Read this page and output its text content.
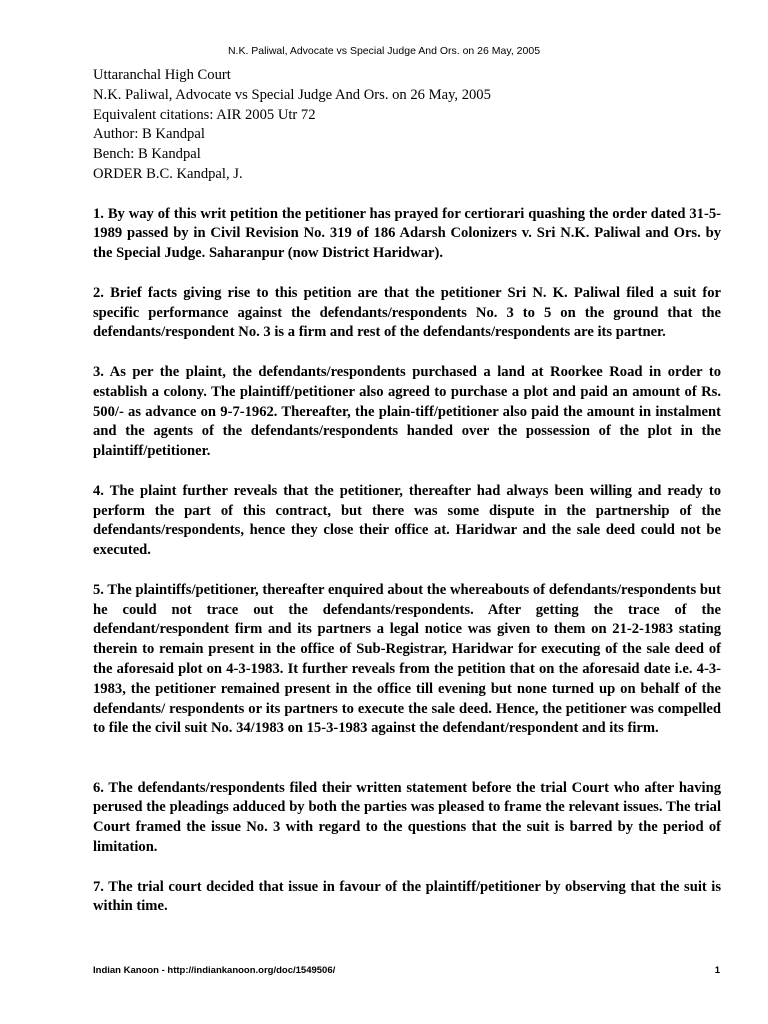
N.K. Paliwal, Advocate vs Special Judge And Ors. on 26 May, 2005

Uttaranchal High Court

N.K. Paliwal, Advocate vs Special Judge And Ors. on 26 May, 2005

Equivalent citations: AIR 2005 Utr 72

Author: B Kandpal

Bench: B Kandpal

ORDER B.C. Kandpal, J.

1. By way of this writ petition the petitioner has prayed for certiorari quashing the order dated 31-5-1989 passed by in Civil Revision No. 319 of 186 Adarsh Colonizers v. Sri N.K. Paliwal and Ors. by the Special Judge. Saharanpur (now District Haridwar).

2. Brief facts giving rise to this petition are that the petitioner Sri N. K. Paliwal filed a suit for specific performance against the defendants/respondents No. 3 to 5 on the ground that the defendants/respondent No. 3 is a firm and rest of the defendants/respondents are its partner.

3. As per the plaint, the defendants/respondents purchased a land at Roorkee Road in order to establish a colony. The plaintiff/petitioner also agreed to purchase a plot and paid an amount of Rs. 500/- as advance on 9-7-1962. Thereafter, the plain-tiff/petitioner also paid the amount in instalment and the agents of the defendants/respondents handed over the possession of the plot in the plaintiff/petitioner.

4. The plaint further reveals that the petitioner, thereafter had always been willing and ready to perform the part of this contract, but there was some dispute in the partnership of the defendants/respondents, hence they close their office at. Haridwar and the sale deed could not be executed.

5. The plaintiffs/petitioner, thereafter enquired about the whereabouts of defendants/respondents but he could not trace out the defendants/respondents. After getting the trace of the defendant/respondent firm and its partners a legal notice was given to them on 21-2-1983 stating therein to remain present in the office of Sub-Registrar, Haridwar for executing of the sale deed of the aforesaid plot on 4-3-1983. It further reveals from the petition that on the aforesaid date i.e. 4-3-1983, the petitioner remained present in the office till evening but none turned up on behalf of the defendants/ respondents or its partners to execute the sale deed. Hence, the petitioner was compelled to file the civil suit No. 34/1983 on 15-3-1983 against the defendant/respondent and its firm.

6. The defendants/respondents filed their written statement before the trial Court who after having perused the pleadings adduced by both the parties was pleased to frame the relevant issues. The trial Court framed the issue No. 3 with regard to the questions that the suit is barred by the period of limitation.

7. The trial court decided that issue in favour of the plaintiff/petitioner by observing that the suit is within time.

Indian Kanoon - http://indiankanoon.org/doc/1549506/	1
